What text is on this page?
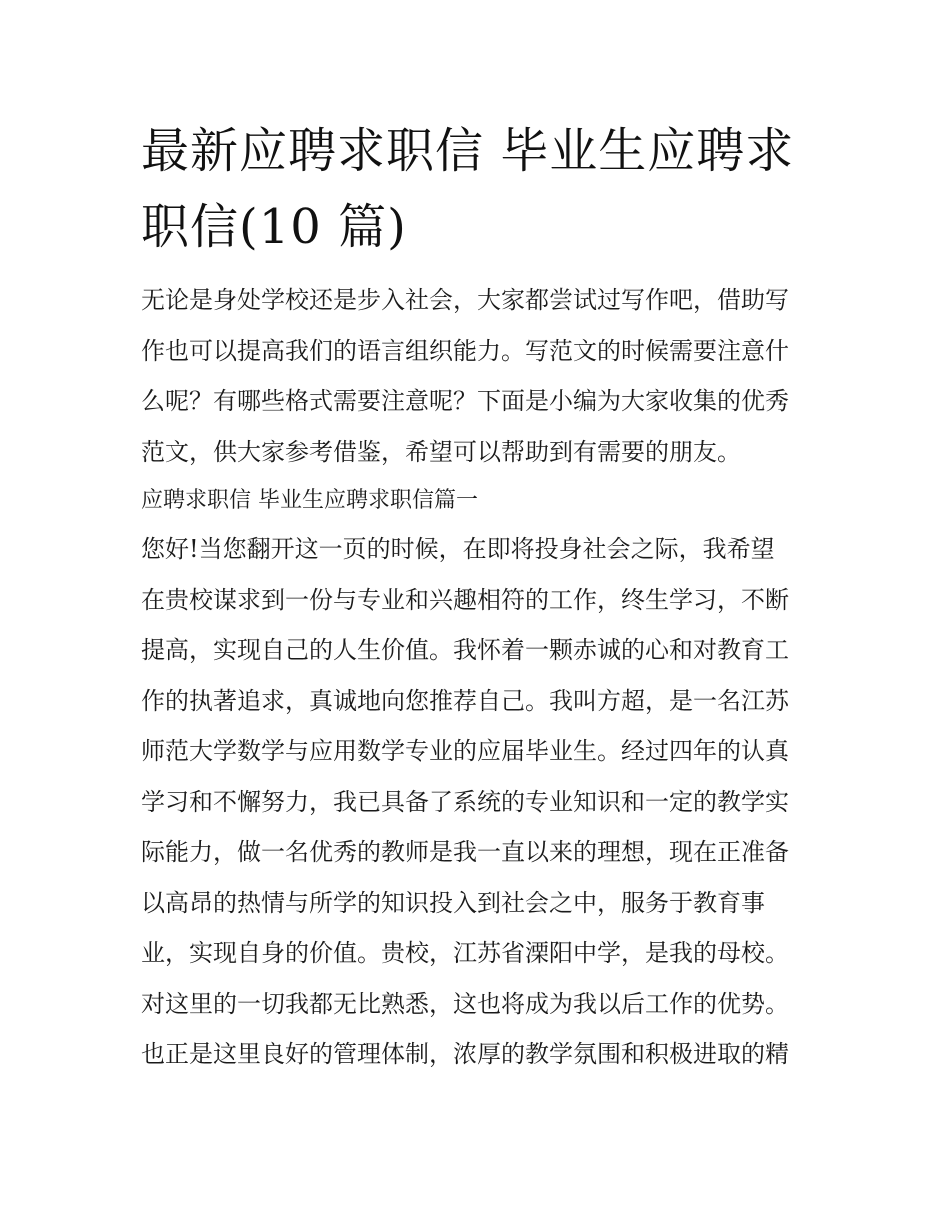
最新应聘求职信 毕业生应聘求
职信(10 篇)

无论是身处学校还是步入社会，大家都尝试过写作吧，借助写
作也可以提高我们的语言组织能力。写范文的时候需要注意什
么呢？有哪些格式需要注意呢？下面是小编为大家收集的优秀
范文，供大家参考借鉴，希望可以帮助到有需要的朋友。

应聘求职信 毕业生应聘求职信篇一

您好!当您翻开这一页的时候，在即将投身社会之际，我希望
在贵校谋求到一份与专业和兴趣相符的工作，终生学习，不断
提高，实现自己的人生价值。我怀着一颗赤诚的心和对教育工
作的执著追求，真诚地向您推荐自己。我叫方超，是一名江苏
师范大学数学与应用数学专业的应届毕业生。经过四年的认真
学习和不懈努力，我已具备了系统的专业知识和一定的教学实
际能力，做一名优秀的教师是我一直以来的理想，现在正准备
以高昂的热情与所学的知识投入到社会之中，服务于教育事
业，实现自身的价值。贵校，江苏省溧阳中学，是我的母校。
对这里的一切我都无比熟悉，这也将成为我以后工作的优势。
也正是这里良好的管理体制，浓厚的教学氛围和积极进取的精
